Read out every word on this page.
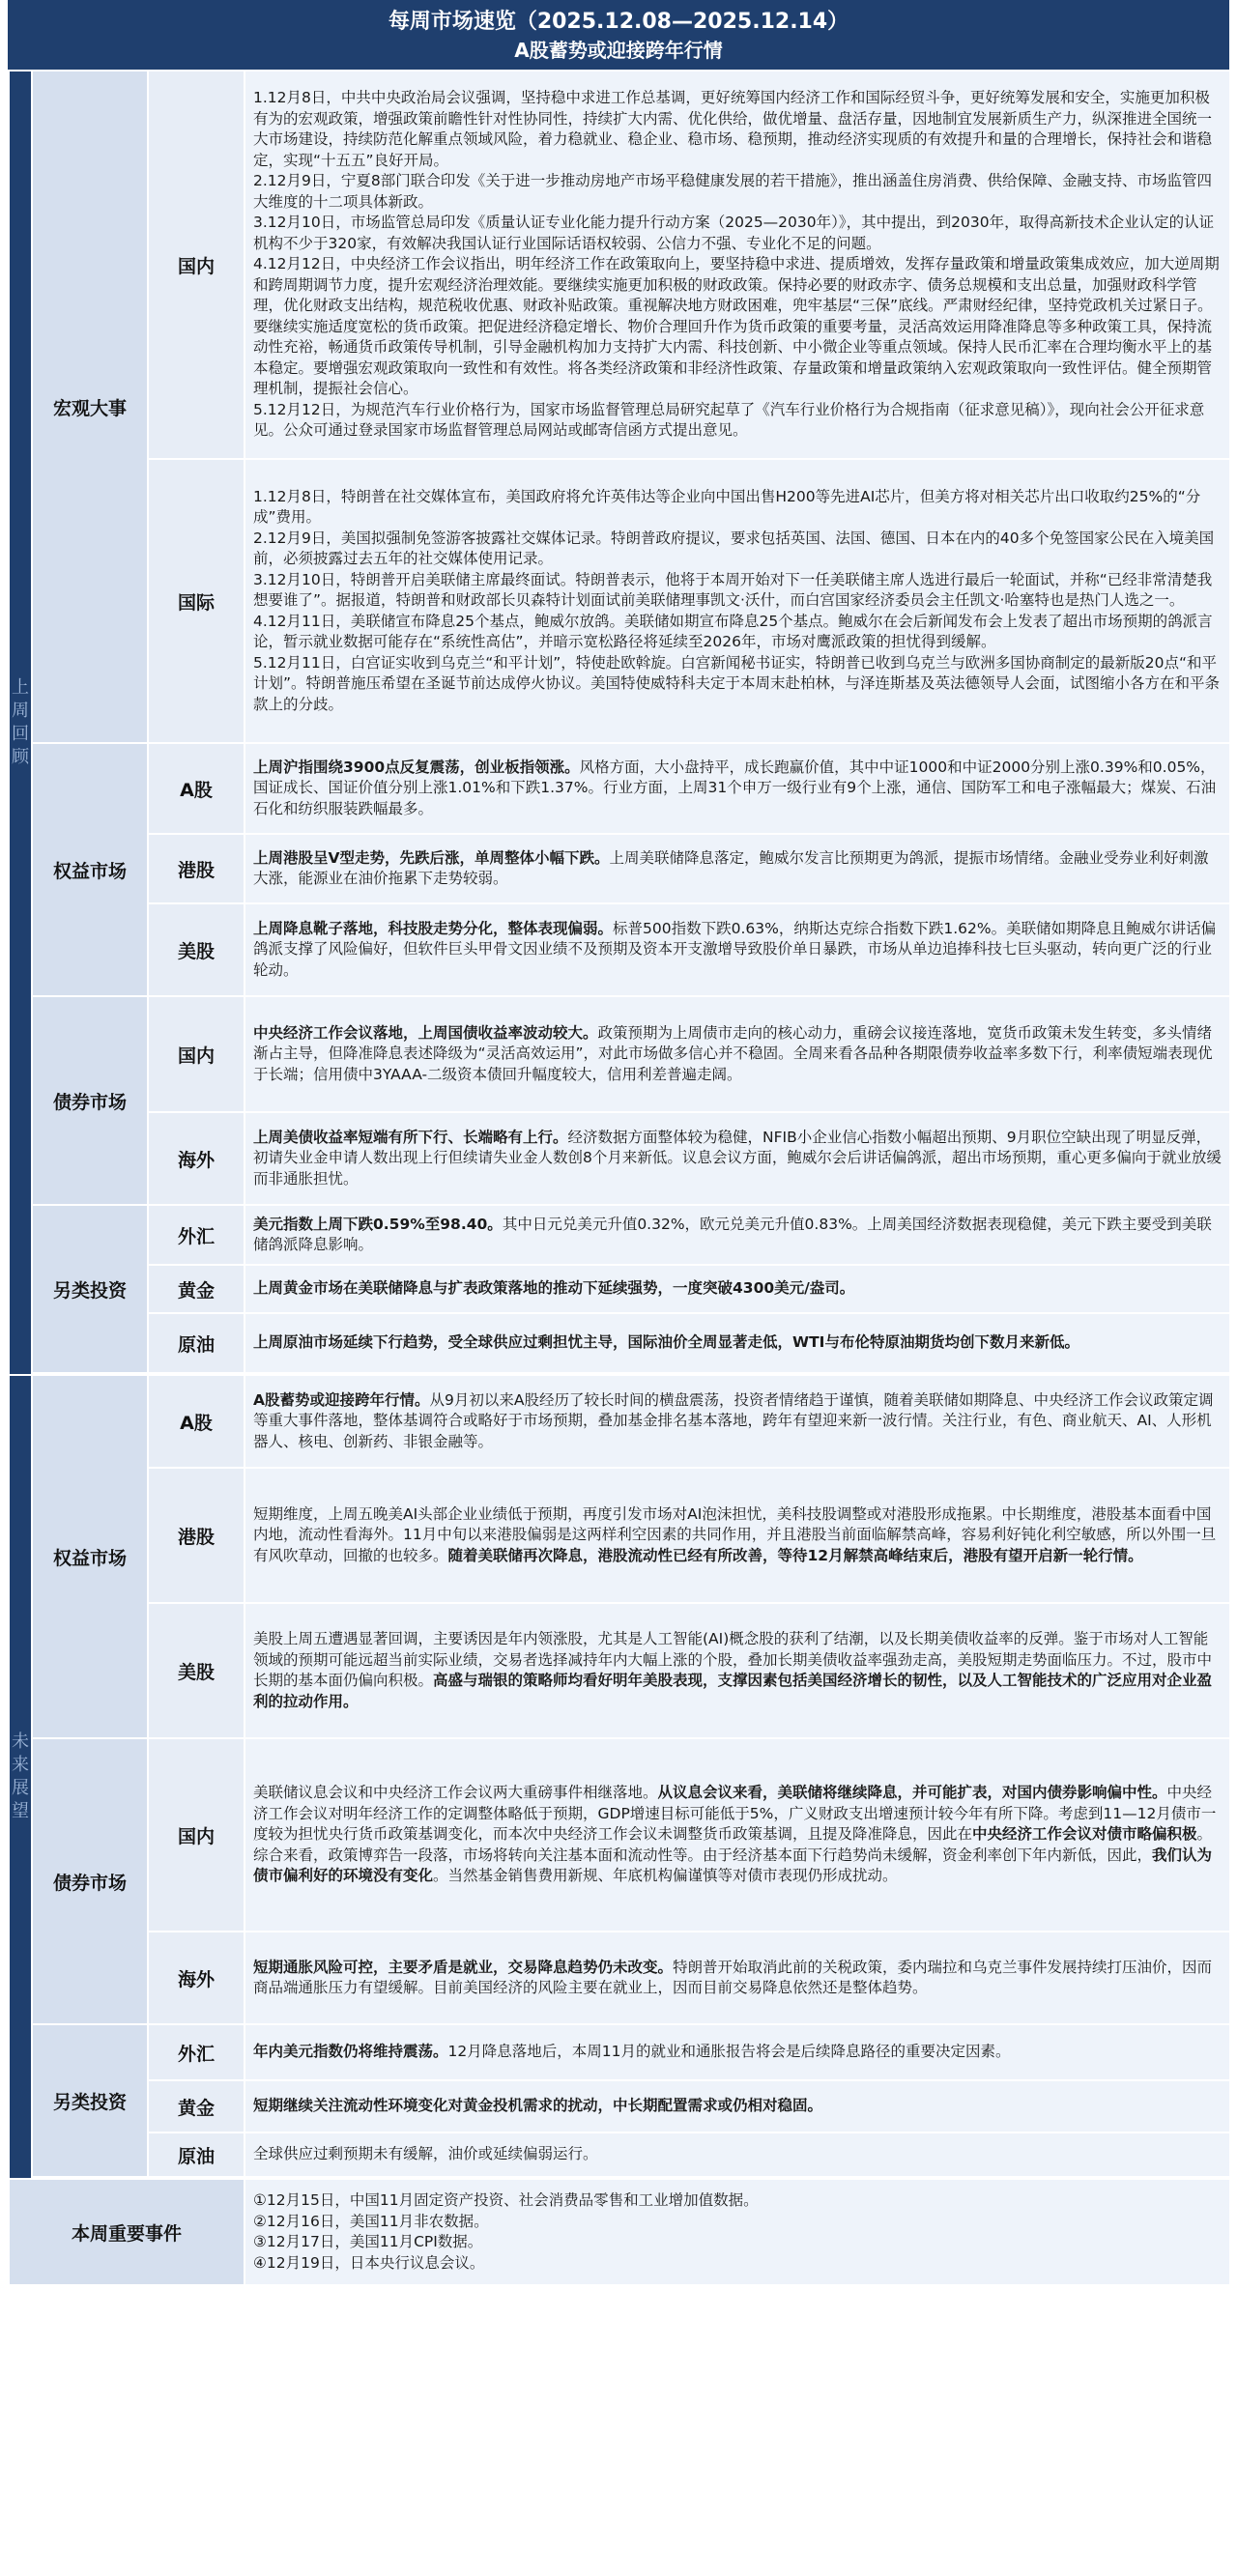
每周市场速览（2025.12.08—2025.12.14）
A股蓄势或迎接跨年行情
上周回顾	宏观大事	国内	1.12月8日，中共中央政治局会议强调，坚持稳中求进工作总基调，更好统筹国内经济工作和国际经贸斗争，更好统筹发展和安全，实施更加积极有为的宏观政策，增强政策前瞻性针对性协同性，持续扩大内需、优化供给，做优增量、盘活存量，因地制宜发展新质生产力，纵深推进全国统一大市场建设，持续防范化解重点领域风险，着力稳就业、稳企业、稳市场、稳预期，推动经济实现质的有效提升和量的合理增长，保持社会和谐稳定，实现“十五五”良好开局。

2.12月9日，宁夏8部门联合印发《关于进一步推动房地产市场平稳健康发展的若干措施》，推出涵盖住房消费、供给保障、金融支持、市场监管四大维度的十二项具体新政。

3.12月10日，市场监管总局印发《质量认证专业化能力提升行动方案（2025—2030年）》，其中提出，到2030年，取得高新技术企业认定的认证机构不少于320家，有效解决我国认证行业国际话语权较弱、公信力不强、专业化不足的问题。

4.12月12日，中央经济工作会议指出，明年经济工作在政策取向上，要坚持稳中求进、提质增效，发挥存量政策和增量政策集成效应，加大逆周期和跨周期调节力度，提升宏观经济治理效能。要继续实施更加积极的财政政策。保持必要的财政赤字、债务总规模和支出总量，加强财政科学管理，优化财政支出结构，规范税收优惠、财政补贴政策。重视解决地方财政困难，兜牢基层“三保”底线。严肃财经纪律，坚持党政机关过紧日子。要继续实施适度宽松的货币政策。把促进经济稳定增长、物价合理回升作为货币政策的重要考量，灵活高效运用降准降息等多种政策工具，保持流动性充裕，畅通货币政策传导机制，引导金融机构加力支持扩大内需、科技创新、中小微企业等重点领域。保持人民币汇率在合理均衡水平上的基本稳定。要增强宏观政策取向一致性和有效性。将各类经济政策和非经济性政策、存量政策和增量政策纳入宏观政策取向一致性评估。健全预期管理机制，提振社会信心。

5.12月12日，为规范汽车行业价格行为，国家市场监督管理总局研究起草了《汽车行业价格行为合规指南（征求意见稿）》，现向社会公开征求意见。公众可通过登录国家市场监督管理总局网站或邮寄信函方式提出意见。

		国际	1.12月8日，特朗普在社交媒体宣布，美国政府将允许英伟达等企业向中国出售H200等先进AI芯片，但美方将对相关芯片出口收取约25%的“分成”费用。

2.12月9日，美国拟强制免签游客披露社交媒体记录。特朗普政府提议，要求包括英国、法国、德国、日本在内的40多个免签国家公民在入境美国前，必须披露过去五年的社交媒体使用记录。

3.12月10日，特朗普开启美联储主席最终面试。特朗普表示，他将于本周开始对下一任美联储主席人选进行最后一轮面试，并称“已经非常清楚我想要谁了”。据报道，特朗普和财政部长贝森特计划面试前美联储理事凯文·沃什，而白宫国家经济委员会主任凯文·哈塞特也是热门人选之一。

4.12月11日，美联储宣布降息25个基点，鲍威尔放鸽。美联储如期宣布降息25个基点。鲍威尔在会后新闻发布会上发表了超出市场预期的鸽派言论，暂示就业数据可能存在“系统性高估”，并暗示宽松路径将延续至2026年，市场对鹰派政策的担忧得到缓解。

5.12月11日，白宫证实收到乌克兰“和平计划”，特使赴欧斡旋。白宫新闻秘书证实，特朗普已收到乌克兰与欧洲多国协商制定的最新版20点“和平计划”。特朗普施压希望在圣诞节前达成停火协议。美国特使威特科夫定于本周末赴柏林，与泽连斯基及英法德领导人会面，试图缩小各方在和平条款上的分歧。

	权益市场	A股	上周沪指围绕3900点反复震荡，创业板指领涨。风格方面，大小盘持平，成长跑赢价值，其中中证1000和中证2000分别上涨0.39%和0.05%，国证成长、国证价值分别上涨1.01%和下跌1.37%。行业方面，上周31个申万一级行业有9个上涨，通信、国防军工和电子涨幅最大；煤炭、石油石化和纺织服装跌幅最多。
		港股	上周港股呈V型走势，先跌后涨，单周整体小幅下跌。上周美联储降息落定，鲍威尔发言比预期更为鸽派，提振市场情绪。金融业受券业利好刺激大涨，能源业在油价拖累下走势较弱。
		美股	上周降息靴子落地，科技股走势分化，整体表现偏弱。标普500指数下跌0.63%，纳斯达克综合指数下跌1.62%。美联储如期降息且鲍威尔讲话偏鸽派支撑了风险偏好，但软件巨头甲骨文因业绩不及预期及资本开支激增导致股价单日暴跌，市场从单边追捧科技七巨头驱动，转向更广泛的行业轮动。
	债券市场	国内	中央经济工作会议落地，上周国债收益率波动较大。政策预期为上周债市走向的核心动力，重磅会议接连落地，宽货币政策未发生转变，多头情绪渐占主导，但降准降息表述降级为“灵活高效运用”，对此市场做多信心并不稳固。全周来看各品种各期限债券收益率多数下行，利率债短端表现优于长端；信用债中3YAAA-二级资本债回升幅度较大，信用利差普遍走阔。
		海外	上周美债收益率短端有所下行、长端略有上行。经济数据方面整体较为稳健，NFIB小企业信心指数小幅超出预期、9月职位空缺出现了明显反弹，初请失业金申请人数出现上行但续请失业金人数创8个月来新低。议息会议方面，鲍威尔会后讲话偏鸽派，超出市场预期，重心更多偏向于就业放缓而非通胀担忧。
	另类投资	外汇	美元指数上周下跌0.59%至98.40。其中日元兑美元升值0.32%，欧元兑美元升值0.83%。上周美国经济数据表现稳健，美元下跌主要受到美联储鸽派降息影响。
		黄金	上周黄金市场在美联储降息与扩表政策落地的推动下延续强势，一度突破4300美元/盎司。
		原油	上周原油市场延续下行趋势，受全球供应过剩担忧主导，国际油价全周显著走低，WTI与布伦特原油期货均创下数月来新低。

未来展望	权益市场	A股	A股蓄势或迎接跨年行情。从9月初以来A股经历了较长时间的横盘震荡，投资者情绪趋于谨慎，随着美联储如期降息、中央经济工作会议政策定调等重大事件落地，整体基调符合或略好于市场预期，叠加基金排名基本落地，跨年有望迎来新一波行情。关注行业，有色、商业航天、AI、人形机器人、核电、创新药、非银金融等。
		港股	短期维度，上周五晚美AI头部企业业绩低于预期，再度引发市场对AI泡沫担忧，美科技股调整或对港股形成拖累。中长期维度，港股基本面看中国内地，流动性看海外。11月中旬以来港股偏弱是这两样利空因素的共同作用，并且港股当前面临解禁高峰，容易利好钝化利空敏感，所以外围一旦有风吹草动，回撤的也较多。随着美联储再次降息，港股流动性已经有所改善，等待12月解禁高峰结束后，港股有望开启新一轮行情。
		美股	美股上周五遭遇显著回调，主要诱因是年内领涨股，尤其是人工智能(AI)概念股的获利了结潮，以及长期美债收益率的反弹。鉴于市场对人工智能领域的预期可能远超当前实际业绩，交易者选择减持年内大幅上涨的个股，叠加长期美债收益率强劲走高，美股短期走势面临压力。不过，股市中长期的基本面仍偏向积极。高盛与瑞银的策略师均看好明年美股表现，支撑因素包括美国经济增长的韧性，以及人工智能技术的广泛应用对企业盈利的拉动作用。
	债券市场	国内	美联储议息会议和中央经济工作会议两大重磅事件相继落地。从议息会议来看，美联储将继续降息，并可能扩表，对国内债券影响偏中性。中央经济工作会议对明年经济工作的定调整体略低于预期，GDP增速目标可能低于5%，广义财政支出增速预计较今年有所下降。考虑到11—12月债市一度较为担忧央行货币政策基调变化，而本次中央经济工作会议未调整货币政策基调，且提及降准降息，因此在中央经济工作会议对债市略偏积极。综合来看，政策博弈告一段落，市场将转向关注基本面和流动性等。由于经济基本面下行趋势尚未缓解，资金利率创下年内新低，因此，我们认为债市偏利好的环境没有变化。当然基金销售费用新规、年底机构偏谨慎等对债市表现仍形成扰动。
		海外	短期通胀风险可控，主要矛盾是就业，交易降息趋势仍未改变。特朗普开始取消此前的关税政策，委内瑞拉和乌克兰事件发展持续打压油价，因而商品端通胀压力有望缓解。目前美国经济的风险主要在就业上，因而目前交易降息依然还是整体趋势。
	另类投资	外汇	年内美元指数仍将维持震荡。12月降息落地后，本周11月的就业和通胀报告将会是后续降息路径的重要决定因素。
		黄金	短期继续关注流动性环境变化对黄金投机需求的扰动，中长期配置需求或仍相对稳固。
		原油	全球供应过剩预期未有缓解，油价或延续偏弱运行。

本周重要事件			①12月15日，中国11月固定资产投资、社会消费品零售和工业增加值数据。

②12月16日，美国11月非农数据。

③12月17日，美国11月CPI数据。

④12月19日，日本央行议息会议。
